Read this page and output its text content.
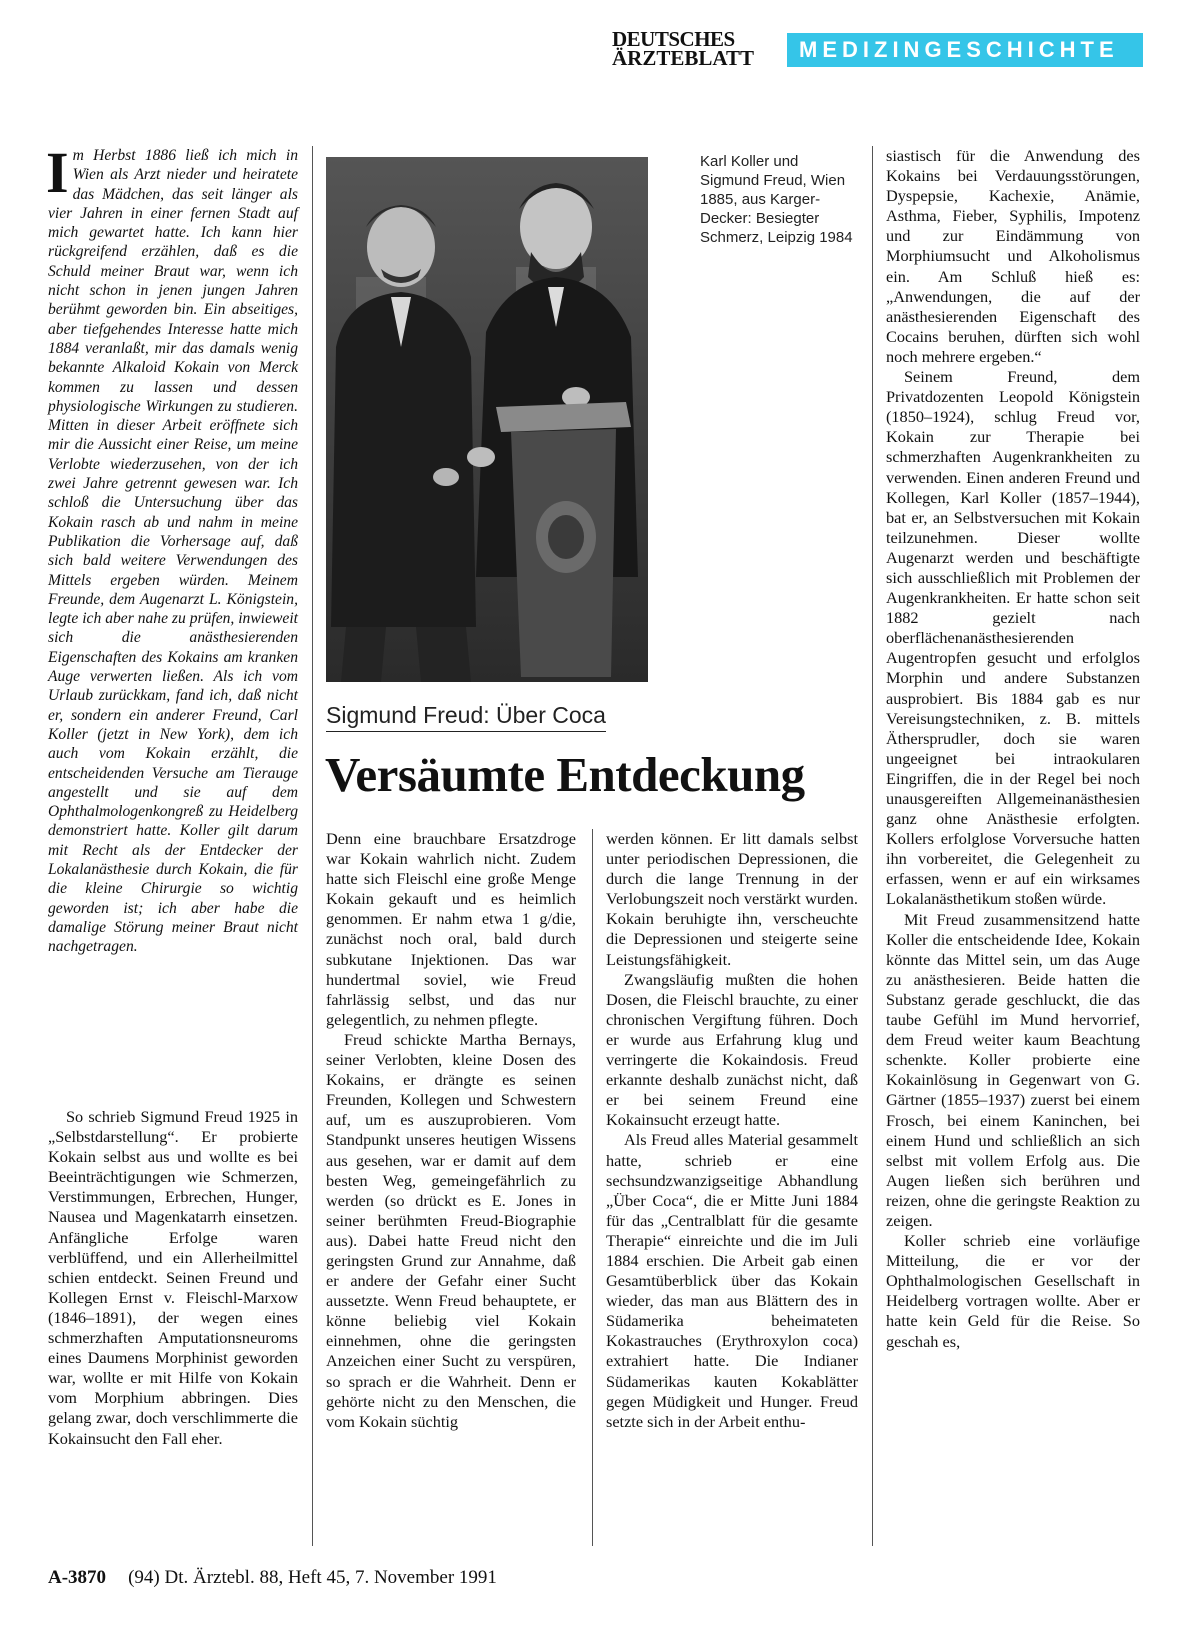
DEUTSCHES
ÄRZTEBLATT	MEDIZINGESCHICHTE
Im Herbst 1886 ließ ich mich in Wien als Arzt nieder und heiratete das Mädchen, das seit länger als vier Jahren in einer fernen Stadt auf mich gewartet hatte. Ich kann hier rückgreifend erzählen, daß es die Schuld meiner Braut war, wenn ich nicht schon in jenen jungen Jahren berühmt geworden bin. Ein abseitiges, aber tiefgehendes Interesse hatte mich 1884 veranlaßt, mir das damals wenig bekannte Alkaloid Kokain von Merck kommen zu lassen und dessen physiologische Wirkungen zu studieren. Mitten in dieser Arbeit eröffnete sich mir die Aussicht einer Reise, um meine Verlobte wiederzusehen, von der ich zwei Jahre getrennt gewesen war. Ich schloß die Untersuchung über das Kokain rasch ab und nahm in meine Publikation die Vorhersage auf, daß sich bald weitere Verwendungen des Mittels ergeben würden. Meinem Freunde, dem Augenarzt L. Königstein, legte ich aber nahe zu prüfen, inwieweit sich die anästhesierenden Eigenschaften des Kokains am kranken Auge verwerten ließen. Als ich vom Urlaub zurückkam, fand ich, daß nicht er, sondern ein anderer Freund, Carl Koller (jetzt in New York), dem ich auch vom Kokain erzählt, die entscheidenden Versuche am Tierauge angestellt und sie auf dem Ophthalmologenkongreß zu Heidelberg demonstriert hatte. Koller gilt darum mit Recht als der Entdecker der Lokalanästhesie durch Kokain, die für die kleine Chirurgie so wichtig geworden ist; ich aber habe die damalige Störung meiner Braut nicht nachgetragen.

So schrieb Sigmund Freud 1925 in „Selbstdarstellung“. Er probierte Kokain selbst aus und wollte es bei Beeinträchtigungen wie Schmerzen, Verstimmungen, Erbrechen, Hunger, Nausea und Magenkatarrh einsetzen. Anfängliche Erfolge waren verblüffend, und ein Allerheilmittel schien entdeckt. Seinen Freund und Kollegen Ernst v. Fleischl-Marxow (1846–1891), der wegen eines schmerzhaften Amputationsneuroms eines Daumens Morphinist geworden war, wollte er mit Hilfe von Kokain vom Morphium abbringen. Dies gelang zwar, doch verschlimmerte die Kokainsucht den Fall eher.

Karl Koller und Sigmund Freud, Wien 1885, aus Karger-Decker: Besiegter Schmerz, Leipzig 1984
Sigmund Freud: Über Coca
Versäumte Entdeckung

Denn eine brauchbare Ersatzdroge war Kokain wahrlich nicht. Zudem hatte sich Fleischl eine große Menge Kokain gekauft und es heimlich genommen. Er nahm etwa 1 g/die, zunächst noch oral, bald durch subkutane Injektionen. Das war hundertmal soviel, wie Freud fahrlässig selbst, und das nur gelegentlich, zu nehmen pflegte.

Freud schickte Martha Bernays, seiner Verlobten, kleine Dosen des Kokains, er drängte es seinen Freunden, Kollegen und Schwestern auf, um es auszuprobieren. Vom Standpunkt unseres heutigen Wissens aus gesehen, war er damit auf dem besten Weg, gemeingefährlich zu werden (so drückt es E. Jones in seiner berühmten Freud-Biographie aus). Dabei hatte Freud nicht den geringsten Grund zur Annahme, daß er andere der Gefahr einer Sucht aussetzte. Wenn Freud behauptete, er könne beliebig viel Kokain einnehmen, ohne die geringsten Anzeichen einer Sucht zu verspüren, so sprach er die Wahrheit. Denn er gehörte nicht zu den Menschen, die vom Kokain süchtig

werden können. Er litt damals selbst unter periodischen Depressionen, die durch die lange Trennung in der Verlobungszeit noch verstärkt wurden. Kokain beruhigte ihn, verscheuchte die Depressionen und steigerte seine Leistungsfähigkeit.

Zwangsläufig mußten die hohen Dosen, die Fleischl brauchte, zu einer chronischen Vergiftung führen. Doch er wurde aus Erfahrung klug und verringerte die Kokaindosis. Freud erkannte deshalb zunächst nicht, daß er bei seinem Freund eine Kokainsucht erzeugt hatte.

Als Freud alles Material gesammelt hatte, schrieb er eine sechsundzwanzigseitige Abhandlung „Über Coca“, die er Mitte Juni 1884 für das „Centralblatt für die gesamte Therapie“ einreichte und die im Juli 1884 erschien. Die Arbeit gab einen Gesamtüberblick über das Kokain wieder, das man aus Blättern des in Südamerika beheimateten Kokastrauches (Erythroxylon coca) extrahiert hatte. Die Indianer Südamerikas kauten Kokablätter gegen Müdigkeit und Hunger. Freud setzte sich in der Arbeit enthu-

siastisch für die Anwendung des Kokains bei Verdauungsstörungen, Dyspepsie, Kachexie, Anämie, Asthma, Fieber, Syphilis, Impotenz und zur Eindämmung von Morphiumsucht und Alkoholismus ein. Am Schluß hieß es: „Anwendungen, die auf der anästhesierenden Eigenschaft des Cocains beruhen, dürften sich wohl noch mehrere ergeben.“

Seinem Freund, dem Privatdozenten Leopold Königstein (1850–1924), schlug Freud vor, Kokain zur Therapie bei schmerzhaften Augenkrankheiten zu verwenden. Einen anderen Freund und Kollegen, Karl Koller (1857–1944), bat er, an Selbstversuchen mit Kokain teilzunehmen. Dieser wollte Augenarzt werden und beschäftigte sich ausschließlich mit Problemen der Augenkrankheiten. Er hatte schon seit 1882 gezielt nach oberflächenanästhesierenden Augentropfen gesucht und erfolglos Morphin und andere Substanzen ausprobiert. Bis 1884 gab es nur Vereisungstechniken, z. B. mittels Äthersprudler, doch sie waren ungeeignet bei intraokularen Eingriffen, die in der Regel bei noch unausgereiften Allgemeinanästhesien ganz ohne Anästhesie erfolgten. Kollers erfolglose Vorversuche hatten ihn vorbereitet, die Gelegenheit zu erfassen, wenn er auf ein wirksames Lokalanästhetikum stoßen würde.

Mit Freud zusammensitzend hatte Koller die entscheidende Idee, Kokain könnte das Mittel sein, um das Auge zu anästhesieren. Beide hatten die Substanz gerade geschluckt, die das taube Gefühl im Mund hervorrief, dem Freud weiter kaum Beachtung schenkte. Koller probierte eine Kokainlösung in Gegenwart von G. Gärtner (1855–1937) zuerst bei einem Frosch, bei einem Kaninchen, bei einem Hund und schließlich an sich selbst mit vollem Erfolg aus. Die Augen ließen sich berühren und reizen, ohne die geringste Reaktion zu zeigen.

Koller schrieb eine vorläufige Mitteilung, die er vor der Ophthalmologischen Gesellschaft in Heidelberg vortragen wollte. Aber er hatte kein Geld für die Reise. So geschah es,

A-3870 (94) Dt. Ärztebl. 88, Heft 45, 7. November 1991
